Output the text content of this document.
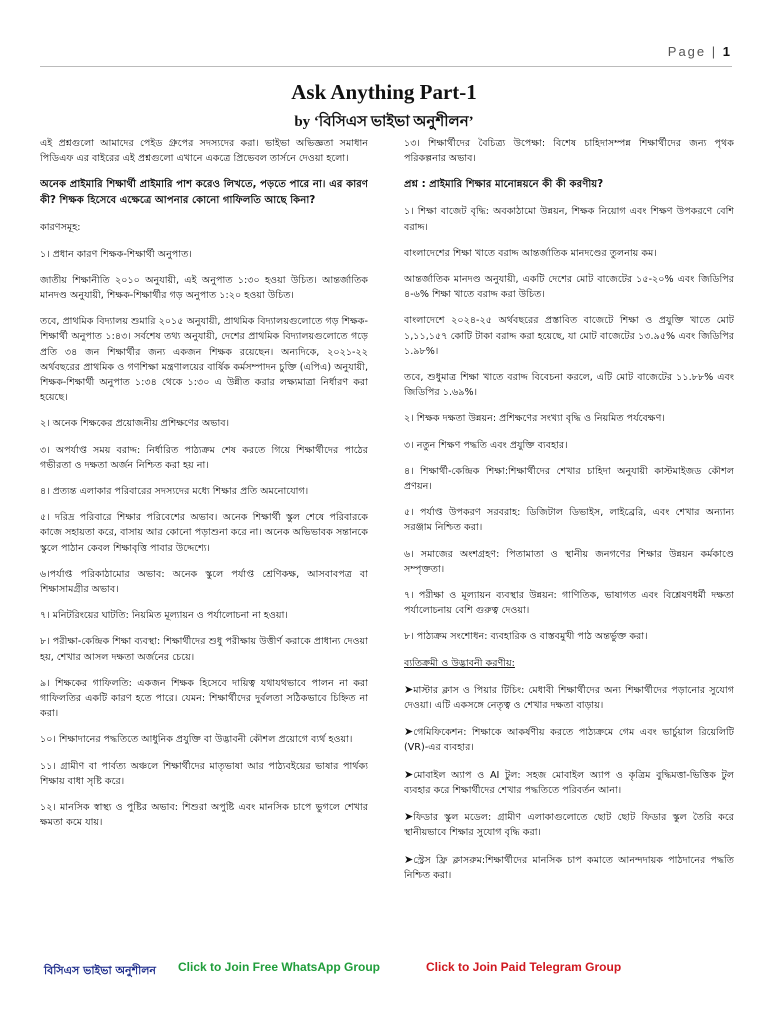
Page | 1
Ask Anything Part-1
by ‘বিসিএস ভাইভা অনুশীলন’

এই প্রশ্নগুলো আমাদের পেইড গ্রুপের সদস্যদের করা। ভাইভা অভিজ্ঞতা সমাধান পিডিএফ এর বাইরের এই প্রশ্নগুলো এখানে একত্রে প্রিভেবল তার্সনে দেওয়া হলো।

অনেক প্রাইমারি শিক্ষার্থী প্রাইমারি পাশ করেও লিখতে, পড়তে পারে না। এর কারণ কী? শিক্ষক হিসেবে এক্ষেত্রে আপনার কোনো গাফিলতি আছে কিনা?

কারণসমূহ:

১। প্রধান কারণ শিক্ষক-শিক্ষার্থী অনুপাত।

জাতীয় শিক্ষানীতি ২০১০ অনুযায়ী, এই অনুপাত ১:৩০ হওয়া উচিত। আন্তর্জাতিক মানদণ্ড অনুযায়ী, শিক্ষক-শিক্ষার্থীর গড় অনুপাত ১:২০ হওয়া উচিত।

তবে, প্রাথমিক বিদ্যালয় শুমারি ২০১৫ অনুযায়ী, প্রাথমিক বিদ্যালয়গুলোতে গড় শিক্ষক-শিক্ষার্থী অনুপাত ১:৪৩। সর্বশেষ তথ্য অনুযায়ী, দেশের প্রাথমিক বিদ্যালয়গুলোতে গড়ে প্রতি ৩৪ জন শিক্ষার্থীর জন্য একজন শিক্ষক রয়েছেন। অন্যদিকে, ২০২১-২২ অর্থবছরের প্রাথমিক ও গণশিক্ষা মন্ত্রণালয়ের বার্ষিক কর্মসম্পাদন চুক্তি (এপিএ) অনুযায়ী, শিক্ষক-শিক্ষার্থী অনুপাত ১:৩৪ থেকে ১:৩০ এ উন্নীত করার লক্ষ্যমাত্রা নির্ধারণ করা হয়েছে।

২। অনেক শিক্ষকের প্রয়োজনীয় প্রশিক্ষণের অভাব।

৩। অপর্যাপ্ত সময় বরাদ্দ: নির্ধারিত পাঠ্যক্রম শেষ করতে গিয়ে শিক্ষার্থীদের পাঠের গভীরতা ও দক্ষতা অর্জন নিশ্চিত করা হয় না।

৪। প্রত্যন্ত এলাকার পরিবারের সদস্যদের মধ্যে শিক্ষার প্রতি অমনোযোগ।

৫। দরিদ্র পরিবারে শিক্ষার পরিবেশের অভাব। অনেক শিক্ষার্থী স্কুল শেষে পরিবারকে কাজে সহায়তা করে, বাসায় আর কোনো পড়াশুনা করে না। অনেক অভিভাবক সন্তানকে স্কুলে পাঠান কেবল শিক্ষাবৃত্তি পাবার উদ্দেশ্যে।

৬।পর্যাপ্ত পরিকাঠামোর অভাব: অনেক স্কুলে পর্যাপ্ত শ্রেণিকক্ষ, আসবাবপত্র বা শিক্ষাসামগ্রীর অভাব।

৭। মনিটরিংয়ের ঘাটতি: নিয়মিত মূল্যায়ন ও পর্যালোচনা না হওয়া।

৮। পরীক্ষা-কেন্দ্রিক শিক্ষা ব্যবস্থা: শিক্ষার্থীদের শুধু পরীক্ষায় উত্তীর্ণ করাকে প্রাধান্য দেওয়া হয়, শেখার আসল দক্ষতা অর্জনের চেয়ে।

৯। শিক্ষকের গাফিলতি: একজন শিক্ষক হিসেবে দায়িত্ব যথাযথভাবে পালন না করা গাফিলতির একটি কারণ হতে পারে। যেমন: শিক্ষার্থীদের দুর্বলতা সঠিকভাবে চিহ্নিত না করা।

১০। শিক্ষাদানের পদ্ধতিতে আধুনিক প্রযুক্তি বা উদ্ভাবনী কৌশল প্রয়োগে ব্যর্থ হওয়া।

১১। গ্রামীণ বা পার্বত্য অঞ্চলে শিক্ষার্থীদের মাতৃভাষা আর পাঠ্যবইয়ের ভাষার পার্থক্য শিক্ষায় বাধা সৃষ্টি করে।

১২। মানসিক স্বাস্থ্য ও পুষ্টির অভাব: শিশুরা অপুষ্টি এবং মানসিক চাপে ভুগলে শেখার ক্ষমতা কমে যায়।

১৩। শিক্ষার্থীদের বৈচিত্র্য উপেক্ষা: বিশেষ চাহিদাসম্পন্ন শিক্ষার্থীদের জন্য পৃথক পরিকল্পনার অভাব।

প্রশ্ন : প্রাইমারি শিক্ষার মানোন্নয়নে কী কী করণীয়?

১। শিক্ষা বাজেট বৃদ্ধি: অবকাঠামো উন্নয়ন, শিক্ষক নিয়োগ এবং শিক্ষণ উপকরণে বেশি বরাদ্দ।

বাংলাদেশের শিক্ষা খাতে বরাদ্দ আন্তর্জাতিক মানদণ্ডের তুলনায় কম।

আন্তর্জাতিক মানদণ্ড অনুযায়ী, একটি দেশের মোট বাজেটের ১৫-২০% এবং জিডিপির ৪-৬% শিক্ষা খাতে বরাদ্দ করা উচিত।

বাংলাদেশে ২০২৪-২৫ অর্থবছরের প্রস্তাবিত বাজেটে শিক্ষা ও প্রযুক্তি খাতে মোট ১,১১,১৫৭ কোটি টাকা বরাদ্দ করা হয়েছে, যা মোট বাজেটের ১৩.৯৫% এবং জিডিপির ১.৯৮%।

তবে, শুধুমাত্র শিক্ষা খাতে বরাদ্দ বিবেচনা করলে, এটি মোট বাজেটের ১১.৮৮% এবং জিডিপির ১.৬৯%।

২। শিক্ষক দক্ষতা উন্নয়ন: প্রশিক্ষণের সংখ্যা বৃদ্ধি ও নিয়মিত পর্যবেক্ষণ।

৩। নতুন শিক্ষণ পদ্ধতি এবং প্রযুক্তি ব্যবহার।

৪। শিক্ষার্থী-কেন্দ্রিক শিক্ষা:শিক্ষার্থীদের শেখার চাহিদা অনুযায়ী কাস্টমাইজড কৌশল প্রণয়ন।

৫। পর্যাপ্ত উপকরণ সরবরাহ: ডিজিটাল ডিভাইস, লাইব্রেরি, এবং শেখার অন্যান্য সরঞ্জাম নিশ্চিত করা।

৬। সমাজের অংশগ্রহণ: পিতামাতা ও স্থানীয় জনগণের শিক্ষার উন্নয়ন কর্মকাণ্ডে সম্পৃক্ততা।

৭। পরীক্ষা ও মূল্যায়ন ব্যবস্থার উন্নয়ন: গাণিতিক, ভাষাগত এবং বিশ্লেষণধর্মী দক্ষতা পর্যালোচনায় বেশি গুরুত্ব দেওয়া।

৮। পাঠ্যক্রম সংশোধন: ব্যবহারিক ও বাস্তবমুখী পাঠ অন্তর্ভুক্ত করা।

ব্যতিক্রমী ও উদ্ভাবনী করণীয়:

➤মাস্টার ক্লাস ও পিয়ার টিচিং: মেধাবী শিক্ষার্থীদের অন্য শিক্ষার্থীদের পড়ানোর সুযোগ দেওয়া। এটি একসঙ্গে নেতৃত্ব ও শেখার দক্ষতা বাড়ায়।

➤গেমিফিকেশন: শিক্ষাকে আকর্ষণীয় করতে পাঠ্যক্রমে গেম এবং ভার্চুয়াল রিয়েলিটি (VR)-এর ব্যবহার।

➤মোবাইল অ্যাপ ও AI টুল: সহজ মোবাইল অ্যাপ ও কৃত্রিম বুদ্ধিমত্তা-ভিত্তিক টুল ব্যবহার করে শিক্ষার্থীদের শেখার পদ্ধতিতে পরিবর্তন আনা।

➤ফিডার স্কুল মডেল: গ্রামীণ এলাকাগুলোতে ছোট ছোট ফিডার স্কুল তৈরি করে স্থানীয়ভাবে শিক্ষার সুযোগ বৃদ্ধি করা।

➤স্ট্রেস ফ্রি ক্লাসরুম:শিক্ষার্থীদের মানসিক চাপ কমাতে আনন্দদায়ক পাঠদানের পদ্ধতি নিশ্চিত করা।

বিসিএস ভাইভা অনুশীলন Click to Join Free WhatsApp Group	Click to Join Paid Telegram Group
